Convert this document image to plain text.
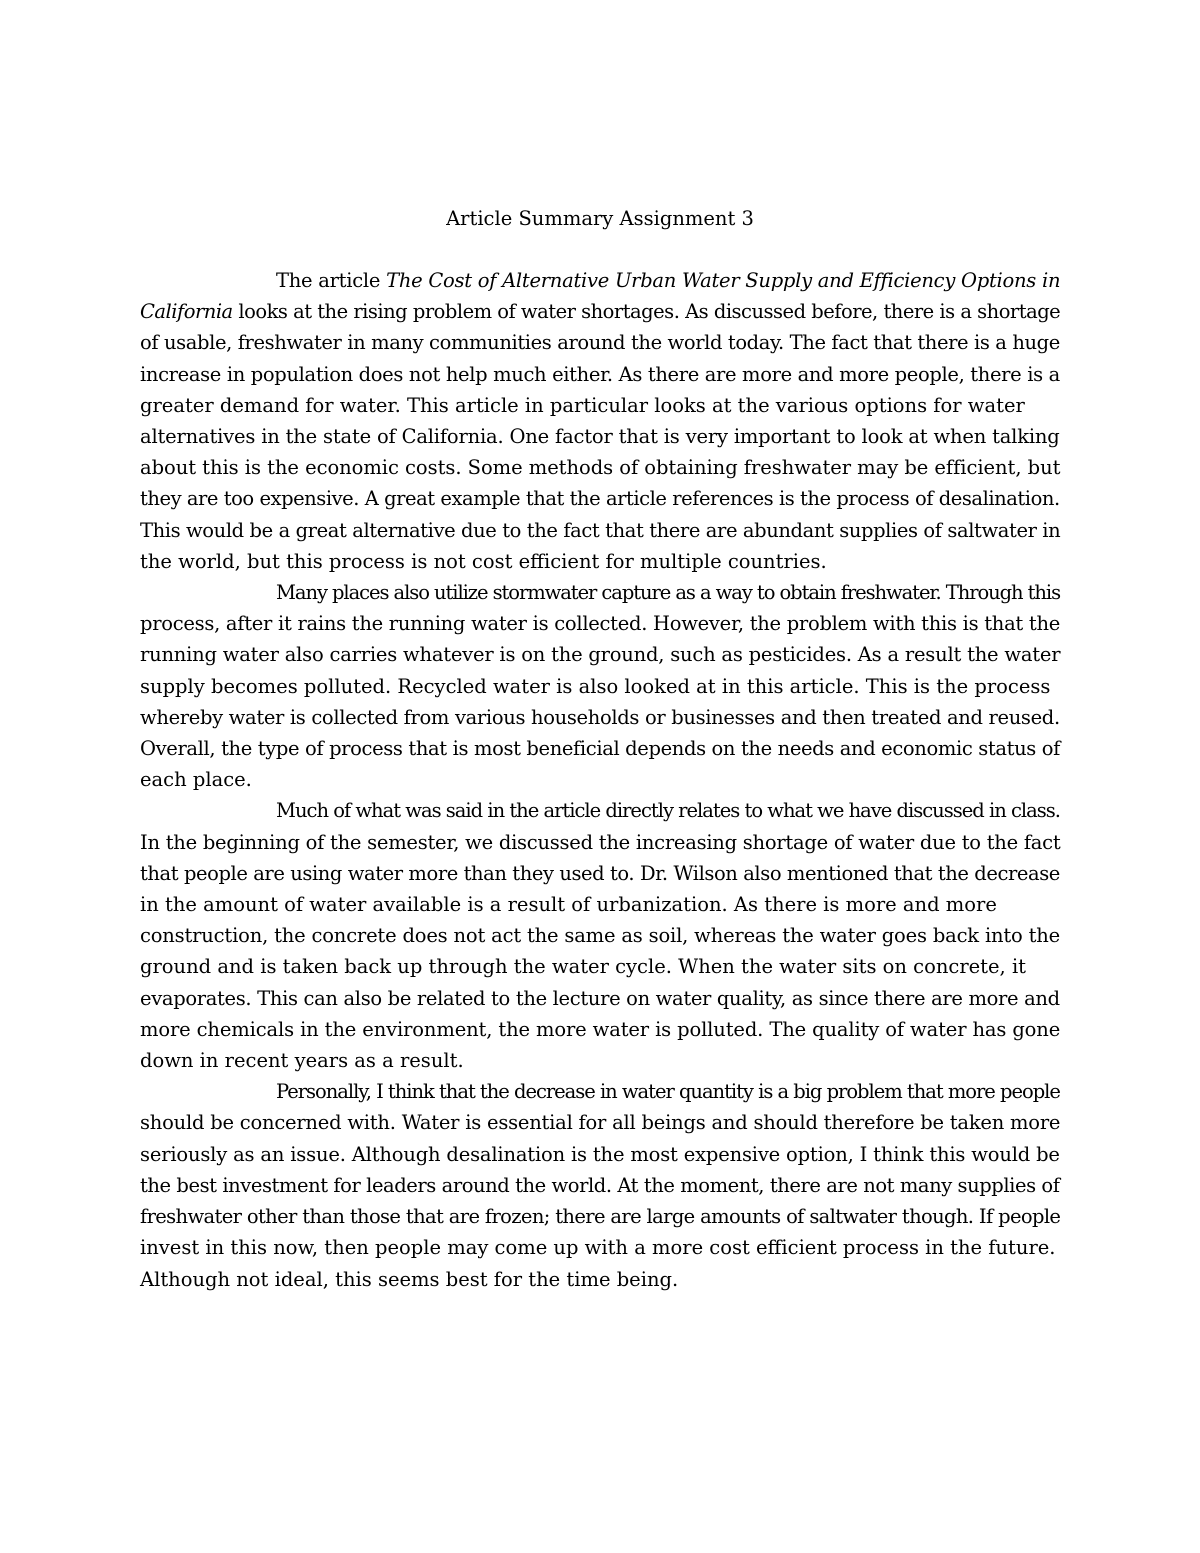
Article Summary Assignment 3

The article The Cost of Alternative Urban Water Supply and Efficiency Options in
California looks at the rising problem of water shortages. As discussed before, there is a shortage
of usable, freshwater in many communities around the world today. The fact that there is a huge
increase in population does not help much either. As there are more and more people, there is a
greater demand for water. This article in particular looks at the various options for water
alternatives in the state of California. One factor that is very important to look at when talking
about this is the economic costs. Some methods of obtaining freshwater may be efficient, but
they are too expensive. A great example that the article references is the process of desalination.
This would be a great alternative due to the fact that there are abundant supplies of saltwater in
the world, but this process is not cost efficient for multiple countries.

Many places also utilize stormwater capture as a way to obtain freshwater. Through this
process, after it rains the running water is collected. However, the problem with this is that the
running water also carries whatever is on the ground, such as pesticides. As a result the water
supply becomes polluted. Recycled water is also looked at in this article. This is the process
whereby water is collected from various households or businesses and then treated and reused.
Overall, the type of process that is most beneficial depends on the needs and economic status of
each place.

Much of what was said in the article directly relates to what we have discussed in class.
In the beginning of the semester, we discussed the increasing shortage of water due to the fact
that people are using water more than they used to. Dr. Wilson also mentioned that the decrease
in the amount of water available is a result of urbanization. As there is more and more
construction, the concrete does not act the same as soil, whereas the water goes back into the
ground and is taken back up through the water cycle. When the water sits on concrete, it
evaporates. This can also be related to the lecture on water quality, as since there are more and
more chemicals in the environment, the more water is polluted. The quality of water has gone
down in recent years as a result.

Personally, I think that the decrease in water quantity is a big problem that more people
should be concerned with. Water is essential for all beings and should therefore be taken more
seriously as an issue. Although desalination is the most expensive option, I think this would be
the best investment for leaders around the world. At the moment, there are not many supplies of
freshwater other than those that are frozen; there are large amounts of saltwater though. If people
invest in this now, then people may come up with a more cost efficient process in the future.
Although not ideal, this seems best for the time being.
